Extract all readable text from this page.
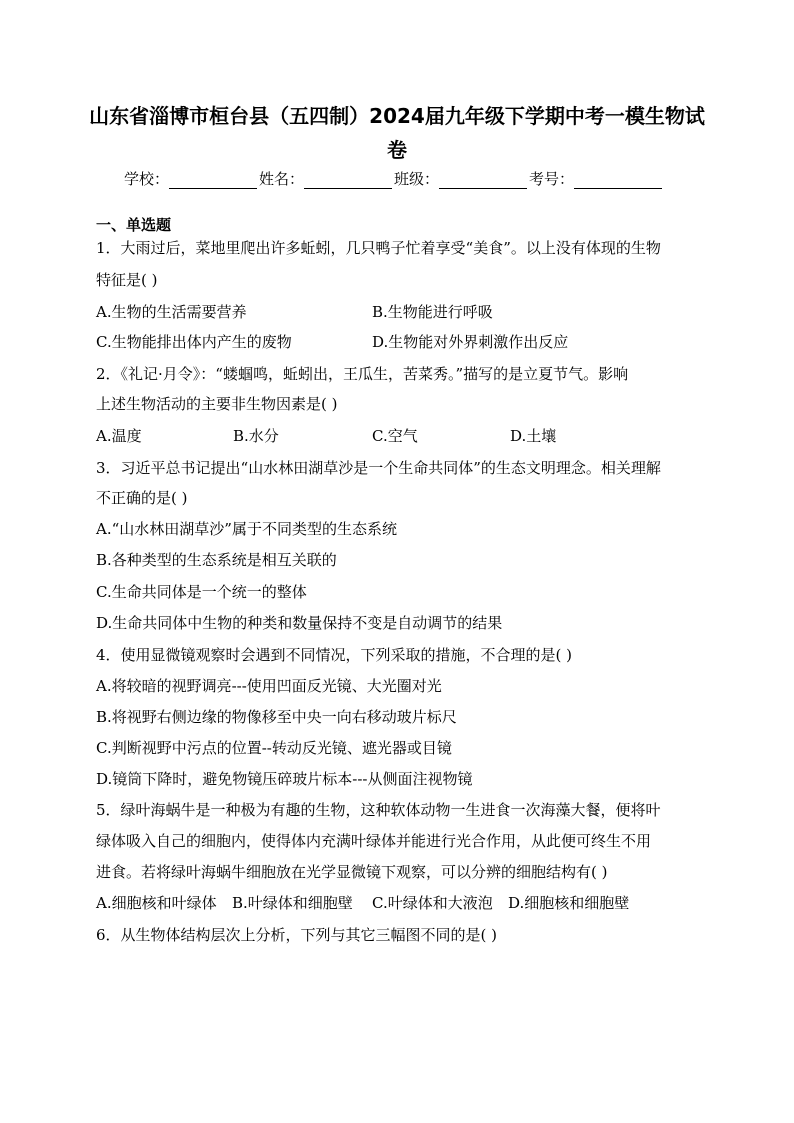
山东省淄博市桓台县（五四制）2024届九年级下学期中考一模生物试
卷
学校：	姓名：	班级：	考号：
一、单选题
1．大雨过后，菜地里爬出许多蚯蚓，几只鸭子忙着享受“美食”。以上没有体现的生物
特征是( )
A.生物的生活需要营养	B.生物能进行呼吸
C.生物能排出体内产生的废物	D.生物能对外界刺激作出反应
2．《礼记·月令》：“蝼蝈鸣，蚯蚓出，王瓜生，苦菜秀。”描写的是立夏节气。影响
上述生物活动的主要非生物因素是( )
A.温度	B.水分	C.空气	D.土壤
3．习近平总书记提出“山水林田湖草沙是一个生命共同体”的生态文明理念。相关理解
不正确的是( )
A.“山水林田湖草沙”属于不同类型的生态系统
B.各种类型的生态系统是相互关联的
C.生命共同体是一个统一的整体
D.生命共同体中生物的种类和数量保持不变是自动调节的结果
4．使用显微镜观察时会遇到不同情况，下列采取的措施，不合理的是( )
A.将较暗的视野调亮---使用凹面反光镜、大光圈对光
B.将视野右侧边缘的物像移至中央一向右移动玻片标尺
C.判断视野中污点的位置--转动反光镜、遮光器或目镜
D.镜筒下降时，避免物镜压碎玻片标本---从侧面注视物镜
5．绿叶海蜗牛是一种极为有趣的生物，这种软体动物一生进食一次海藻大餐，便将叶
绿体吸入自己的细胞内，使得体内充满叶绿体并能进行光合作用，从此便可终生不用
进食。若将绿叶海蜗牛细胞放在光学显微镜下观察，可以分辨的细胞结构有( )
A.细胞核和叶绿体 B.叶绿体和细胞壁 C.叶绿体和大液泡 D.细胞核和细胞壁
6．从生物体结构层次上分析，下列与其它三幅图不同的是( )
